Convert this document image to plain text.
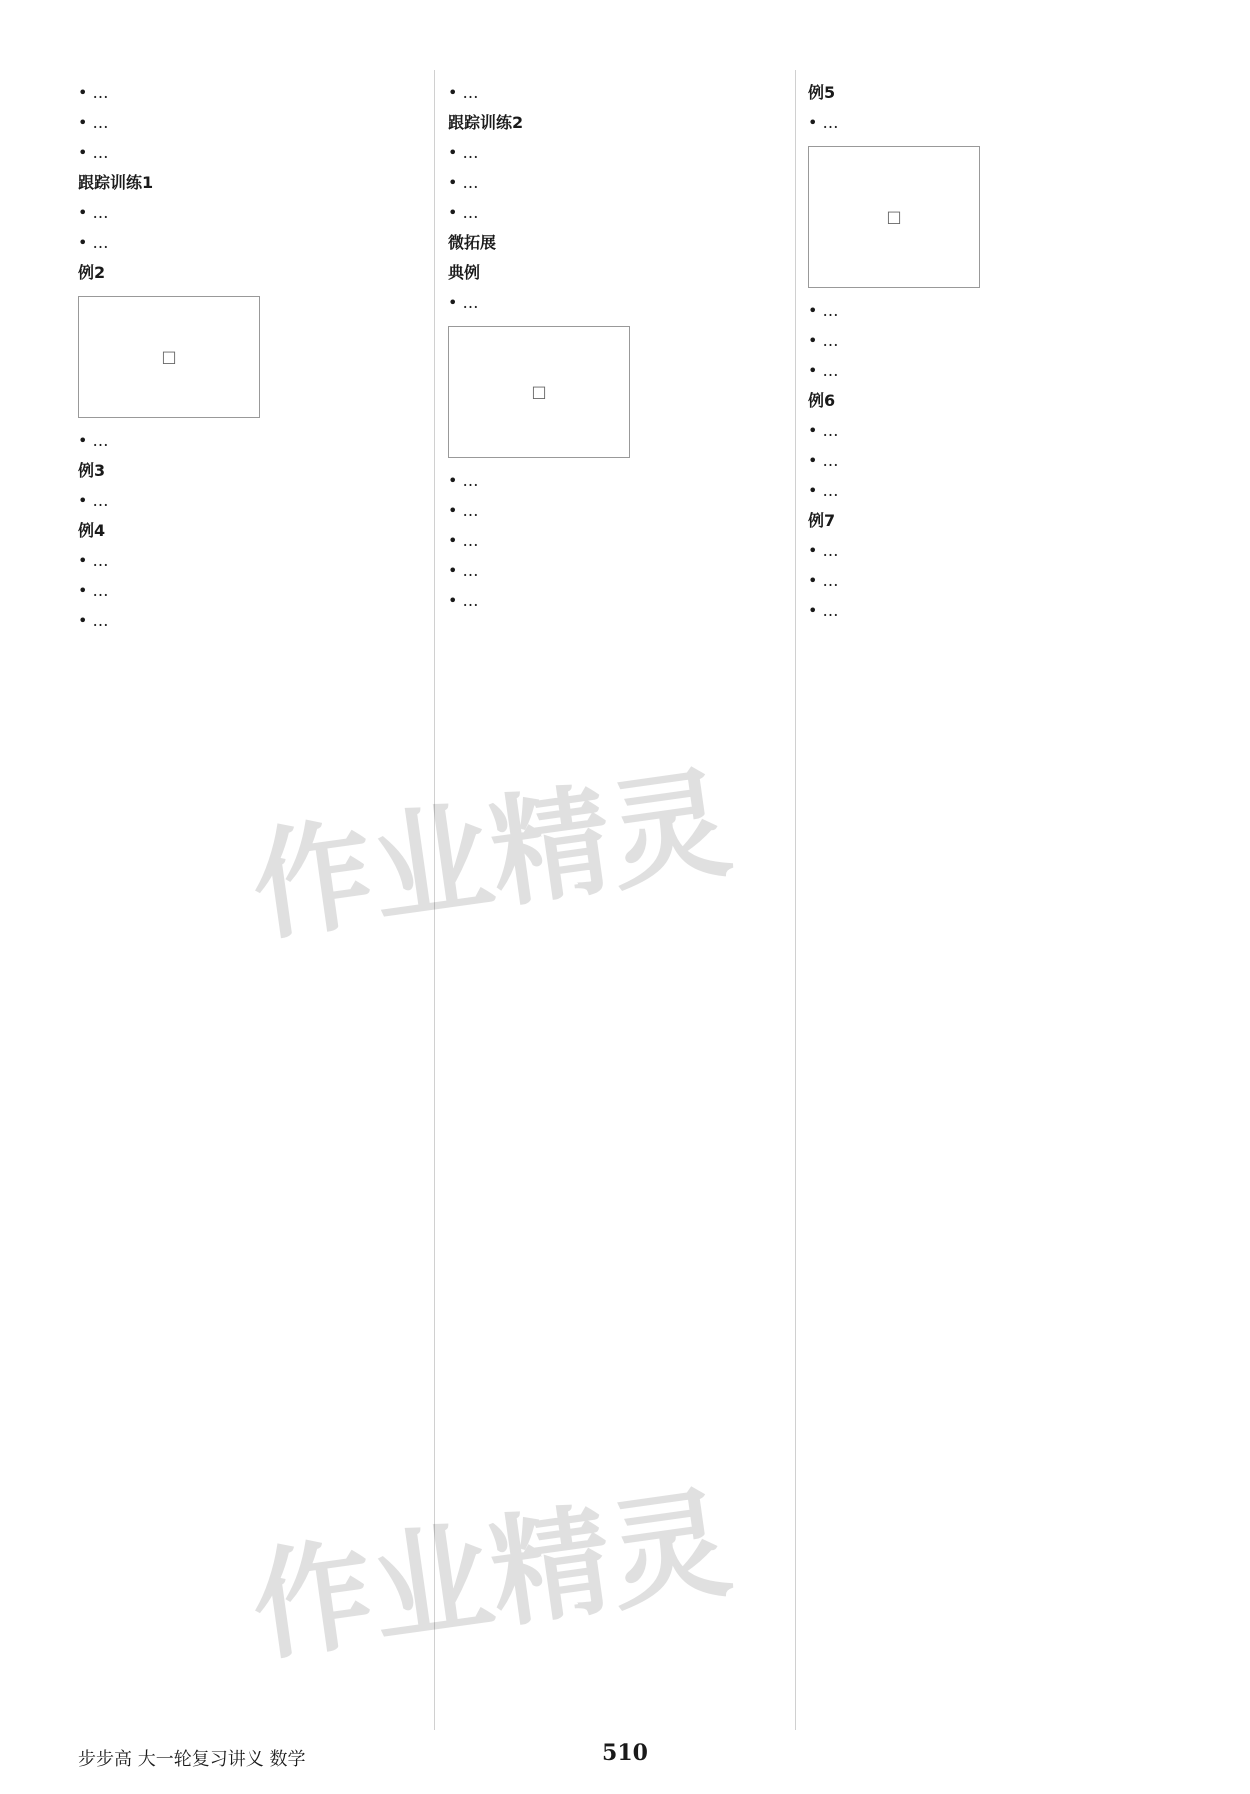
• …
• …
• …
跟踪训练1
• …
• …
例2
□
• …
例3
• …
例4
• …
• …
• …
• …
跟踪训练2
• …
• …
• …
微拓展
典例
• …
□
• …
• …
• …
• …
• …
例5
• …
□
• …
• …
• …
例6
• …
• …
• …
例7
• …
• …
• …
作业精灵
作业精灵
步步高 大一轮复习讲义 数学	510
